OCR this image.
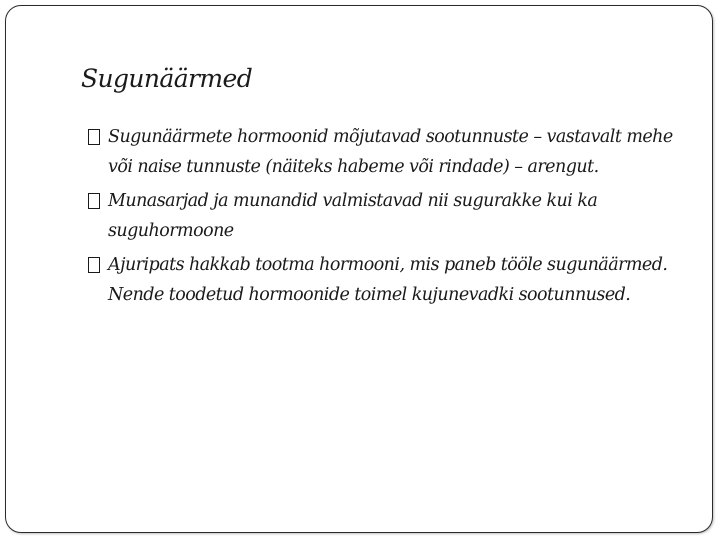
Sugunäärmed
Sugunäärmete hormoonid mõjutavad sootunnuste – vastavalt mehe või naise tunnuste (näiteks habeme või rindade) – arengut.
Munasarjad ja munandid valmistavad nii sugurakke kui ka suguhormoone
Ajuripats hakkab tootma hormooni, mis paneb tööle sugunäärmed. Nende toodetud hormoonide toimel kujunevadki sootunnused.
